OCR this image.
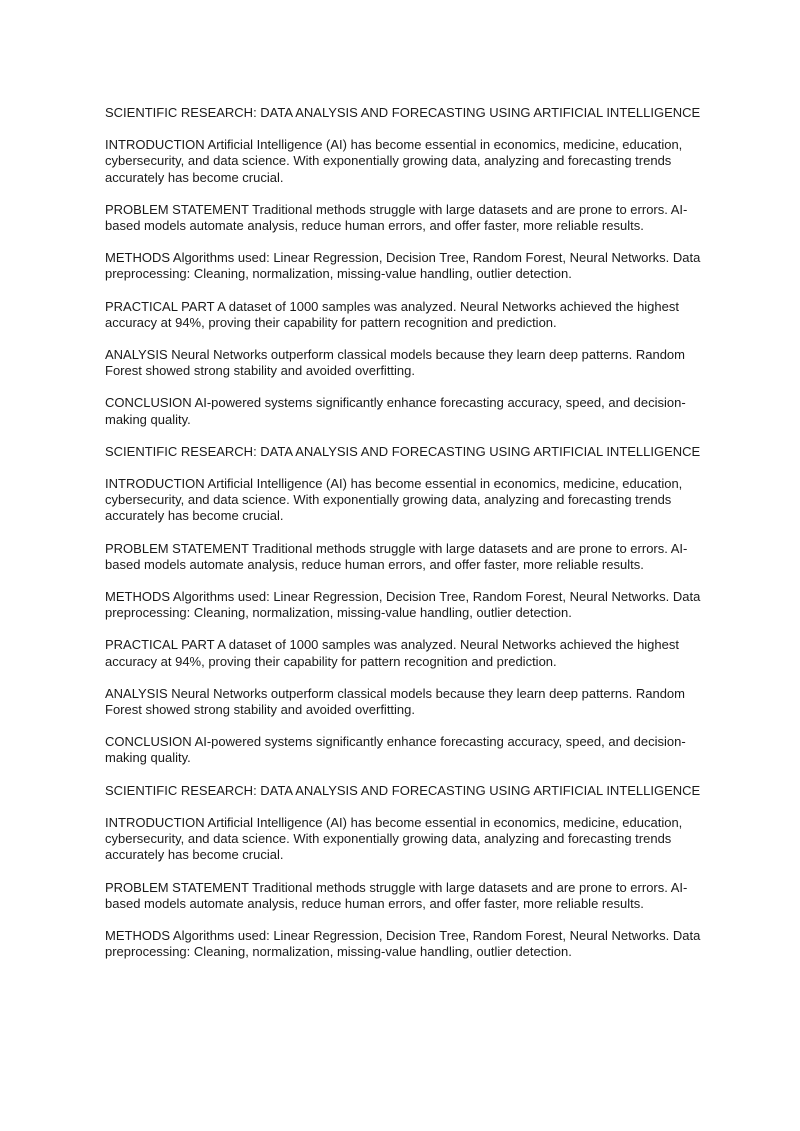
SCIENTIFIC RESEARCH: DATA ANALYSIS AND FORECASTING USING ARTIFICIAL INTELLIGENCE

INTRODUCTION Artificial Intelligence (AI) has become essential in economics, medicine, education, cybersecurity, and data science. With exponentially growing data, analyzing and forecasting trends accurately has become crucial.

PROBLEM STATEMENT Traditional methods struggle with large datasets and are prone to errors. AI-based models automate analysis, reduce human errors, and offer faster, more reliable results.

METHODS Algorithms used: Linear Regression, Decision Tree, Random Forest, Neural Networks. Data preprocessing: Cleaning, normalization, missing-value handling, outlier detection.

PRACTICAL PART A dataset of 1000 samples was analyzed. Neural Networks achieved the highest accuracy at 94%, proving their capability for pattern recognition and prediction.

ANALYSIS Neural Networks outperform classical models because they learn deep patterns. Random Forest showed strong stability and avoided overfitting.

CONCLUSION AI-powered systems significantly enhance forecasting accuracy, speed, and decision-making quality.

SCIENTIFIC RESEARCH: DATA ANALYSIS AND FORECASTING USING ARTIFICIAL INTELLIGENCE

INTRODUCTION Artificial Intelligence (AI) has become essential in economics, medicine, education, cybersecurity, and data science. With exponentially growing data, analyzing and forecasting trends accurately has become crucial.

PROBLEM STATEMENT Traditional methods struggle with large datasets and are prone to errors. AI-based models automate analysis, reduce human errors, and offer faster, more reliable results.

METHODS Algorithms used: Linear Regression, Decision Tree, Random Forest, Neural Networks. Data preprocessing: Cleaning, normalization, missing-value handling, outlier detection.

PRACTICAL PART A dataset of 1000 samples was analyzed. Neural Networks achieved the highest accuracy at 94%, proving their capability for pattern recognition and prediction.

ANALYSIS Neural Networks outperform classical models because they learn deep patterns. Random Forest showed strong stability and avoided overfitting.

CONCLUSION AI-powered systems significantly enhance forecasting accuracy, speed, and decision-making quality.

SCIENTIFIC RESEARCH: DATA ANALYSIS AND FORECASTING USING ARTIFICIAL INTELLIGENCE

INTRODUCTION Artificial Intelligence (AI) has become essential in economics, medicine, education, cybersecurity, and data science. With exponentially growing data, analyzing and forecasting trends accurately has become crucial.

PROBLEM STATEMENT Traditional methods struggle with large datasets and are prone to errors. AI-based models automate analysis, reduce human errors, and offer faster, more reliable results.

METHODS Algorithms used: Linear Regression, Decision Tree, Random Forest, Neural Networks. Data preprocessing: Cleaning, normalization, missing-value handling, outlier detection.
